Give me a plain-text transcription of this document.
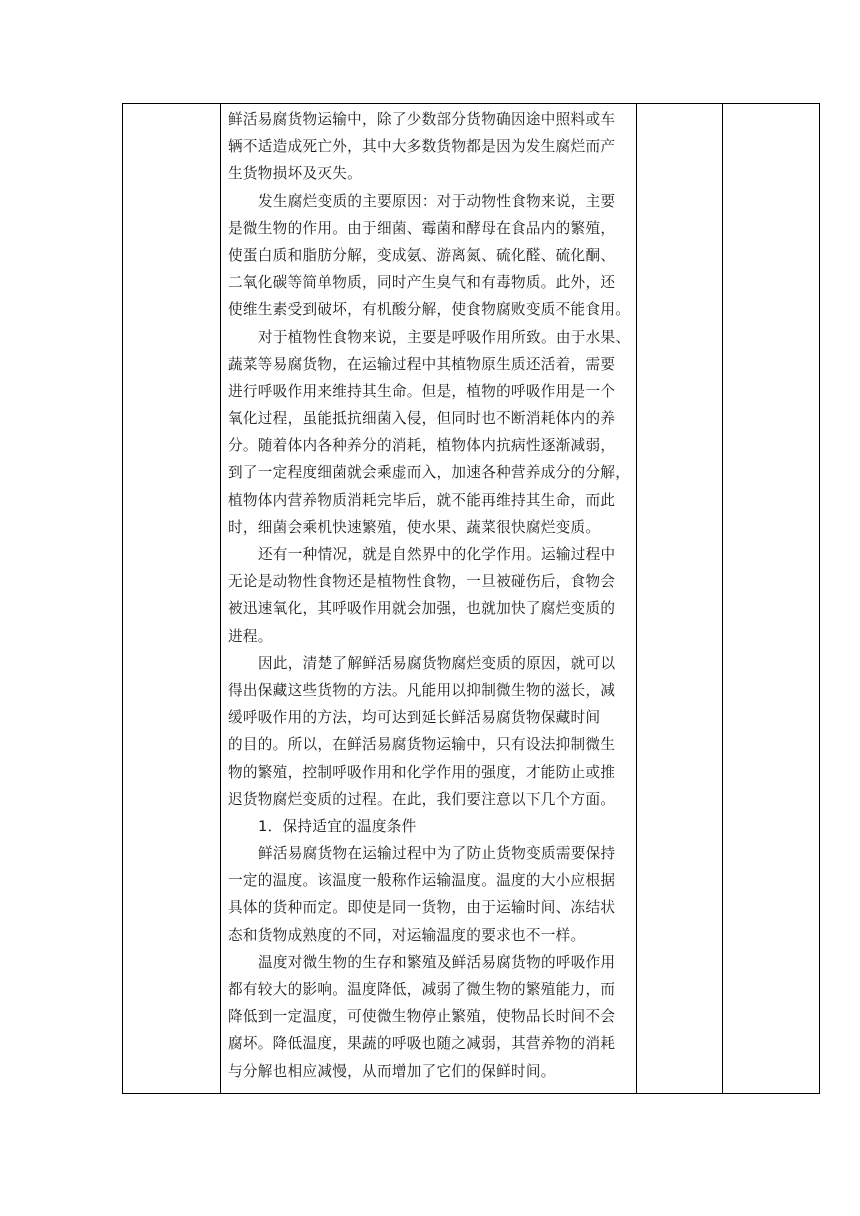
鲜活易腐货物运输中，除了少数部分货物确因途中照料或车
辆不适造成死亡外，其中大多数货物都是因为发生腐烂而产
生货物损坏及灭失。
发生腐烂变质的主要原因：对于动物性食物来说，主要
是微生物的作用。由于细菌、霉菌和酵母在食品内的繁殖，
使蛋白质和脂肪分解，变成氨、游离氮、硫化醛、硫化酮、
二氧化碳等简单物质，同时产生臭气和有毒物质。此外，还
使维生素受到破坏，有机酸分解，使食物腐败变质不能食用。
对于植物性食物来说，主要是呼吸作用所致。由于水果、
蔬菜等易腐货物，在运输过程中其植物原生质还活着，需要
进行呼吸作用来维持其生命。但是，植物的呼吸作用是一个
氧化过程，虽能抵抗细菌入侵，但同时也不断消耗体内的养
分。随着体内各种养分的消耗，植物体内抗病性逐渐减弱，
到了一定程度细菌就会乘虚而入，加速各种营养成分的分解，
植物体内营养物质消耗完毕后，就不能再维持其生命，而此
时，细菌会乘机快速繁殖，使水果、蔬菜很快腐烂变质。
还有一种情况，就是自然界中的化学作用。运输过程中
无论是动物性食物还是植物性食物，一旦被碰伤后，食物会
被迅速氧化，其呼吸作用就会加强，也就加快了腐烂变质的
进程。
因此，清楚了解鲜活易腐货物腐烂变质的原因，就可以
得出保藏这些货物的方法。凡能用以抑制微生物的滋长，减
缓呼吸作用的方法，均可达到延长鲜活易腐货物保藏时间
的目的。所以，在鲜活易腐货物运输中，只有设法抑制微生
物的繁殖，控制呼吸作用和化学作用的强度，才能防止或推
迟货物腐烂变质的过程。在此，我们要注意以下几个方面。
1．保持适宜的温度条件
鲜活易腐货物在运输过程中为了防止货物变质需要保持
一定的温度。该温度一般称作运输温度。温度的大小应根据
具体的货种而定。即使是同一货物，由于运输时间、冻结状
态和货物成熟度的不同，对运输温度的要求也不一样。
温度对微生物的生存和繁殖及鲜活易腐货物的呼吸作用
都有较大的影响。温度降低，减弱了微生物的繁殖能力，而
降低到一定温度，可使微生物停止繁殖，使物品长时间不会
腐坏。降低温度，果蔬的呼吸也随之减弱，其营养物的消耗
与分解也相应减慢，从而增加了它们的保鲜时间。
